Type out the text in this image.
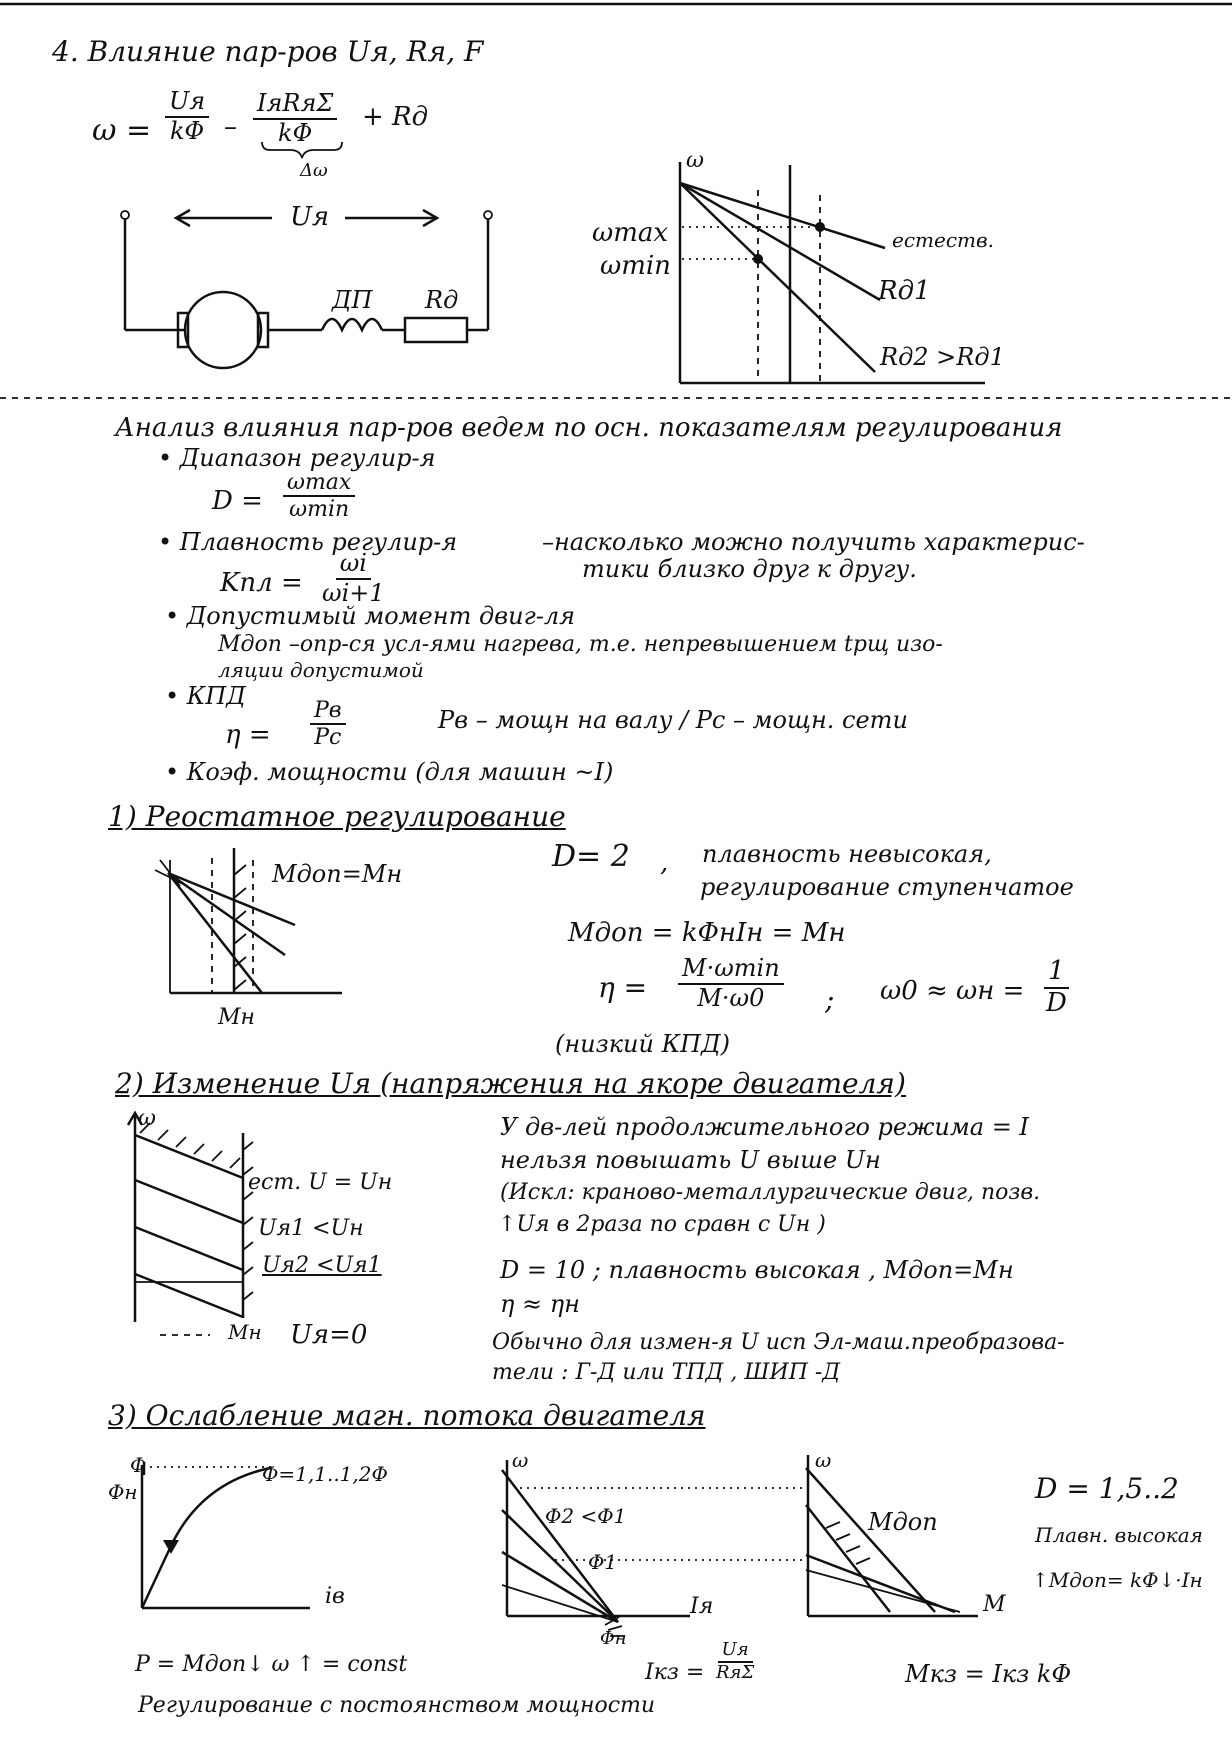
4. Влияние пар-ров Uя, Rя, F
ω =
Uя
kΦ –
IяRяΣ
kΦ
+ Rд
Δω
Uя
ДП Rд
ω
ωmax
ωmin
естеств.
Rд1
Rд2 >Rд1
Анализ влияния пар-ров ведем по осн. показателям регулирования
• Диапазон регулир-я
D =
ωmax
ωmin
• Плавность регулир-я
Kпл = $\frac{\omega i}{\omega i+1}$
–насколько можно получить характерис-
тики близко друг к другу.
• Допустимый момент двиг-ля
Mдоп –опр-ся усл-ями нагрева, т.е. непревышением tрщ изо-
ляции допустимой
• КПД
η =
Pв
Pc
Pв – мощн на валу / Pc – мощн. сети
• Коэф. мощности (для машин ~I)
1) Реостатное регулирование
Mдоп=Mн
Mн
D= 2 , плавность невысокая,
регулирование ступенчатое
Mдоп = kΦнIн = Mн
η =
M·ωmin
M·ω0 ; $\omega 0 \approx \omega н = \frac{1}{D}$
(низкий КПД)
2) Изменение Uя (напряжения на якоре двигателя)
ω
ест. U = Uн
Uя1 <Uн
Uя2 <Uя1
Mн Uя=0
У дв-лей продолжительного режима = I
нельзя повышать U выше Uн
(Искл: кранoво-металлургические двиг, позв.
↑Uя в 2раза по сравн с Uн )
D = 10 ; плавность высокая , Mдоп=Mн
η ≈ ηн
Обычно для измен-я U исп Эл-маш.преобразова-
тели : Г-Д или ТПД , ШИП -Д
3) Ослабление магн. потока двигателя
Φ
Φн
Φ=1,1..1,2Φ
iв
ω
Φ2 <Φ1
Φ1
Iя
Φн
ω
Mдоп
M
D = 1,5..2
Плавн. высокая
↑Mдоп= kΦ↓·Iн
P = Mдоп↓ ω ↑ = const	Iкз =
Uя
RяΣ	Mкз = Iкз kΦ
Регулирование с постоянством мощности
